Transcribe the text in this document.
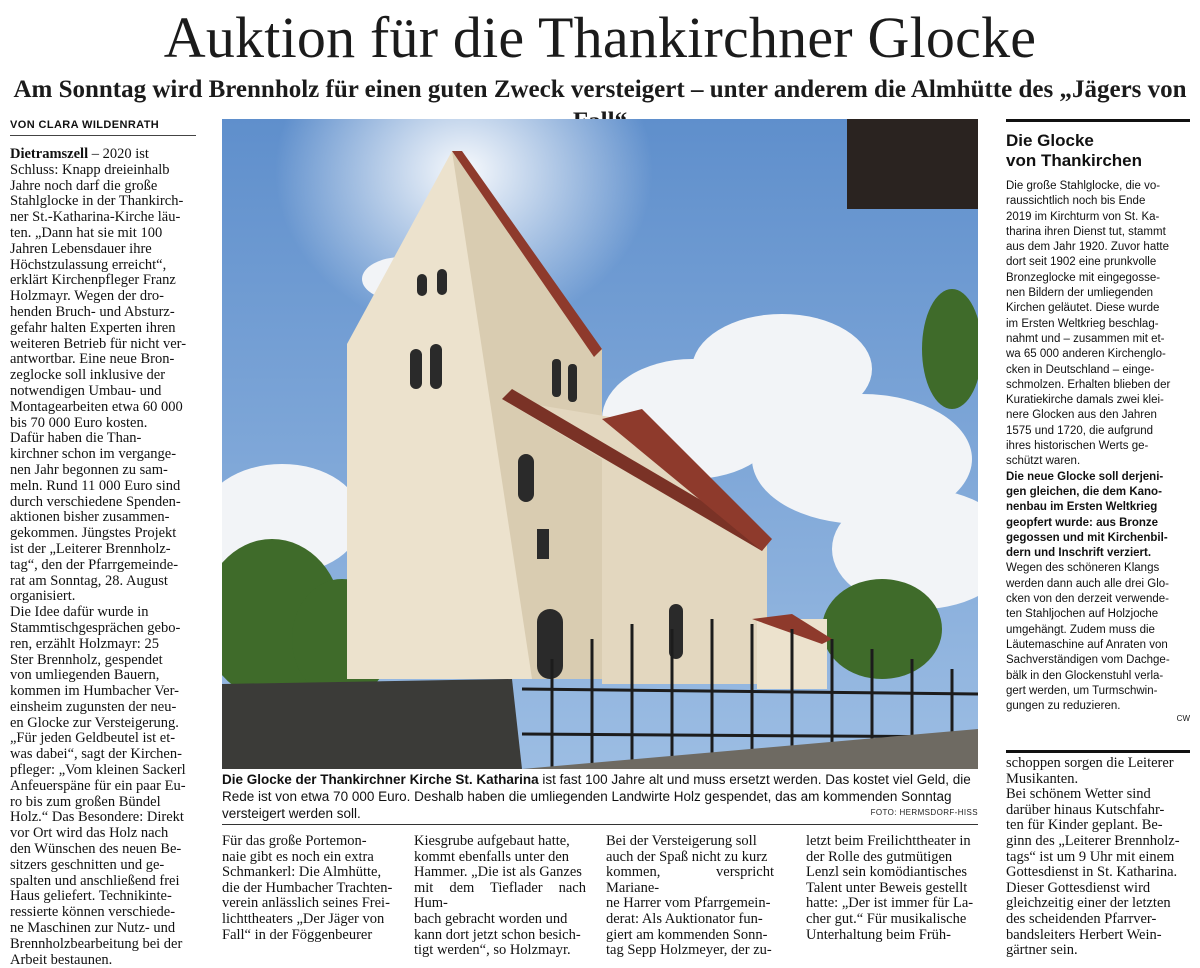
Auktion für die Thankirchner Glocke
Am Sonntag wird Brennholz für einen guten Zweck versteigert – unter anderem die Almhütte des „Jägers von
VON CLARA WILDENRATH
Dietramszell – 2020 ist
Schluss: Knapp dreieinhalb
Jahre noch darf die große
Stahlglocke in der Thankirch-
ner St.-Katharina-Kirche läu-
ten. „Dann hat sie mit 100
Jahren Lebensdauer ihre
Höchstzulassung erreicht“,
erklärt Kirchenpfleger Franz
Holzmayr. Wegen der dro-
henden Bruch- und Absturz-
gefahr halten Experten ihren
weiteren Betrieb für nicht ver-
antwortbar. Eine neue Bron-
zeglocke soll inklusive der
notwendigen Umbau- und
Montagearbeiten etwa 60 000
bis 70 000 Euro kosten.
Dafür haben die Than-
kirchner schon im vergange-
nen Jahr begonnen zu sam-
meln. Rund 11 000 Euro sind
durch verschiedene Spenden-
aktionen bisher zusammen-
gekommen. Jüngstes Projekt
ist der „Leiterer Brennholz-
tag“, den der Pfarrgemeinde-
rat am Sonntag, 28. August
organisiert.
Die Idee dafür wurde in
Stammtischgesprächen gebo-
ren, erzählt Holzmayr: 25
Ster Brennholz, gespendet
von umliegenden Bauern,
kommen im Humbacher Ver-
einsheim zugunsten der neu-
en Glocke zur Versteigerung.
„Für jeden Geldbeutel ist et-
was dabei“, sagt der Kirchen-
pfleger: „Vom kleinen Sackerl
Anfeuerspäne für ein paar Eu-
ro bis zum großen Bündel
Holz.“ Das Besondere: Direkt
vor Ort wird das Holz nach
den Wünschen des neuen Be-
sitzers geschnitten und ge-
spalten und anschließend frei
Haus geliefert. Technikinte-
ressierte können verschiede-
ne Maschinen zur Nutz- und
Brennholzbearbeitung bei der
Arbeit bestaunen.
Die Glocke der Thankirchner Kirche St. Katharina ist fast 100 Jahre alt und muss ersetzt werden. Das kostet viel Geld, die Rede ist von etwa 70 000 Euro. Deshalb haben die umliegenden Landwirte Holz gespendet, das am kommenden Sonntag versteigert werden soll.	FOTO: HERMSDORF-HISS
Für das große Portemon-
naie gibt es noch ein extra
Schmankerl: Die Almhütte,
die der Humbacher Trachten-
verein anlässlich seines Frei-
lichttheaters „Der Jäger von
Fall“ in der Föggenbeurer
Kiesgrube aufgebaut hatte,
kommt ebenfalls unter den
Hammer. „Die ist als Ganzes
mit dem Tieflader nach Hum-
bach gebracht worden und
kann dort jetzt schon besich-
tigt werden“, so Holzmayr.
Bei der Versteigerung soll
auch der Spaß nicht zu kurz
kommen, verspricht Mariane-
ne Harrer vom Pfarrgemein-
derat: Als Auktionator fun-
giert am kommenden Sonn-
tag Sepp Holzmeyer, der zu-
letzt beim Freilichttheater in
der Rolle des gutmütigen
Lenzl sein komödiantisches
Talent unter Beweis gestellt
hatte: „Der ist immer für La-
cher gut.“ Für musikalische
Unterhaltung beim Früh-
Die Glocke
von Thankirchen
Die große Stahlglocke, die vo-
raussichtlich noch bis Ende
2019 im Kirchturm von St. Ka-
tharina ihren Dienst tut, stammt
aus dem Jahr 1920. Zuvor hatte
dort seit 1902 eine prunkvolle
Bronzeglocke mit eingegosse-
nen Bildern der umliegenden
Kirchen geläutet. Diese wurde
im Ersten Weltkrieg beschlag-
nahmt und – zusammen mit et-
wa 65 000 anderen Kirchenglo-
cken in Deutschland – einge-
schmolzen. Erhalten blieben der
Kuratiekirche damals zwei klei-
nere Glocken aus den Jahren
1575 und 1720, die aufgrund
ihres historischen Werts ge-
schützt waren.
Die neue Glocke soll derjeni-
gen gleichen, die dem Kano-
nenbau im Ersten Weltkrieg
geopfert wurde: aus Bronze
gegossen und mit Kirchenbil-
dern und Inschrift verziert.
Wegen des schöneren Klangs
werden dann auch alle drei Glo-
cken von den derzeit verwende-
ten Stahljochen auf Holzjoche
umgehängt. Zudem muss die
Läutemaschine auf Anraten von
Sachverständigen vom Dachge-
bälk in den Glockenstuhl verla-
gert werden, um Turmschwin-
gungen zu reduzieren.
CW
schoppen sorgen die Leiterer
Musikanten.
Bei schönem Wetter sind
darüber hinaus Kutschfahr-
ten für Kinder geplant. Be-
ginn des „Leiterer Brennholz-
tags“ ist um 9 Uhr mit einem
Gottesdienst in St. Katharina.
Dieser Gottesdienst wird
gleichzeitig einer der letzten
des scheidenden Pfarrver-
bandsleiters Herbert Wein-
gärtner sein.
